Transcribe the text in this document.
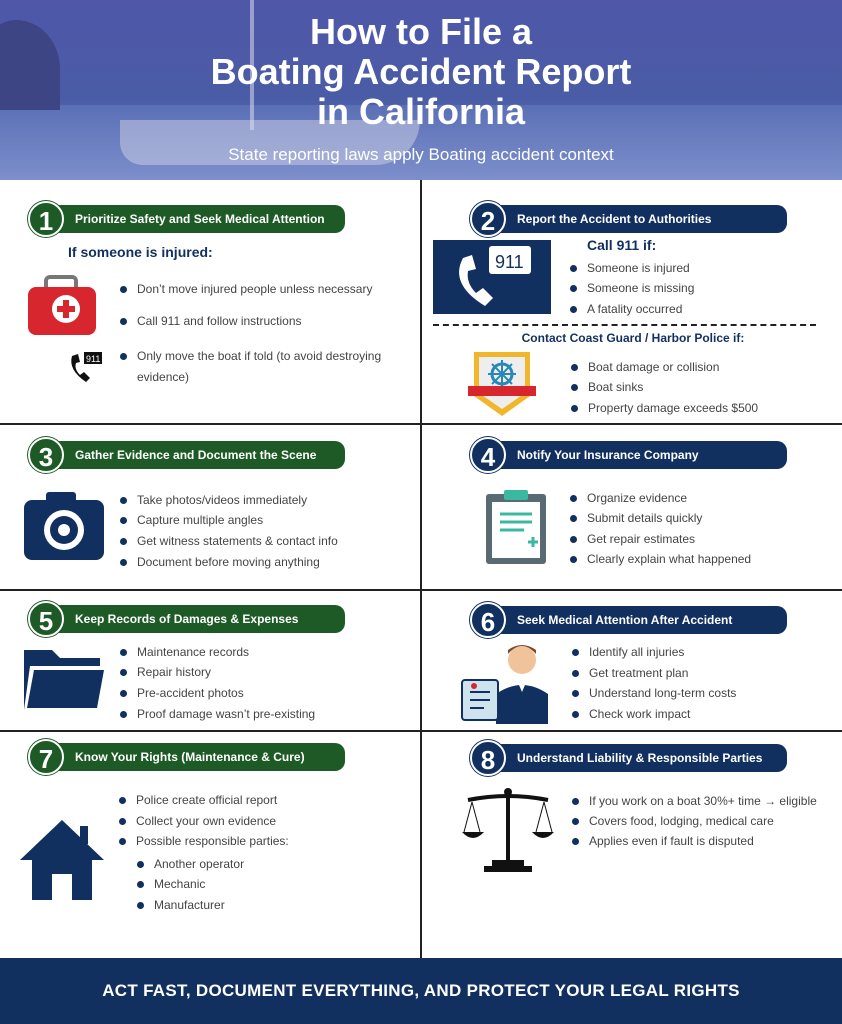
How to File a
Boating Accident Report
in California
State reporting laws apply Boating accident context
Prioritize Safety and Seek Medical Attention
1
If someone is injured:
Don’t move injured people unless necessary
Call 911 and follow instructions
Only move the boat if told (to avoid destroying
evidence)
911
Report the Accident to Authorities
2
911
Call 911 if:
Someone is injured
Someone is missing
A fatality occurred
Contact Coast Guard / Harbor Police if:
Boat damage or collision
Boat sinks
Property damage exceeds $500
Gather Evidence and Document the Scene
3
Take photos/videos immediately
Capture multiple angles
Get witness statements & contact info
Document before moving anything
Notify Your Insurance Company
4
Organize evidence
Submit details quickly
Get repair estimates
Clearly explain what happened
Keep Records of Damages & Expenses
5
Maintenance records
Repair history
Pre-accident photos
Proof damage wasn’t pre-existing
Seek Medical Attention After Accident
6
Identify all injuries
Get treatment plan
Understand long-term costs
Check work impact
Know Your Rights (Maintenance & Cure)
7
Police create official report
Collect your own evidence
Possible responsible parties:
Another operator
Mechanic
Manufacturer
Understand Liability & Responsible Parties
8
If you work on a boat 30%+ time → eligible
Covers food, lodging, medical care
Applies even if fault is disputed
ACT FAST, DOCUMENT EVERYTHING, AND PROTECT YOUR LEGAL RIGHTS
